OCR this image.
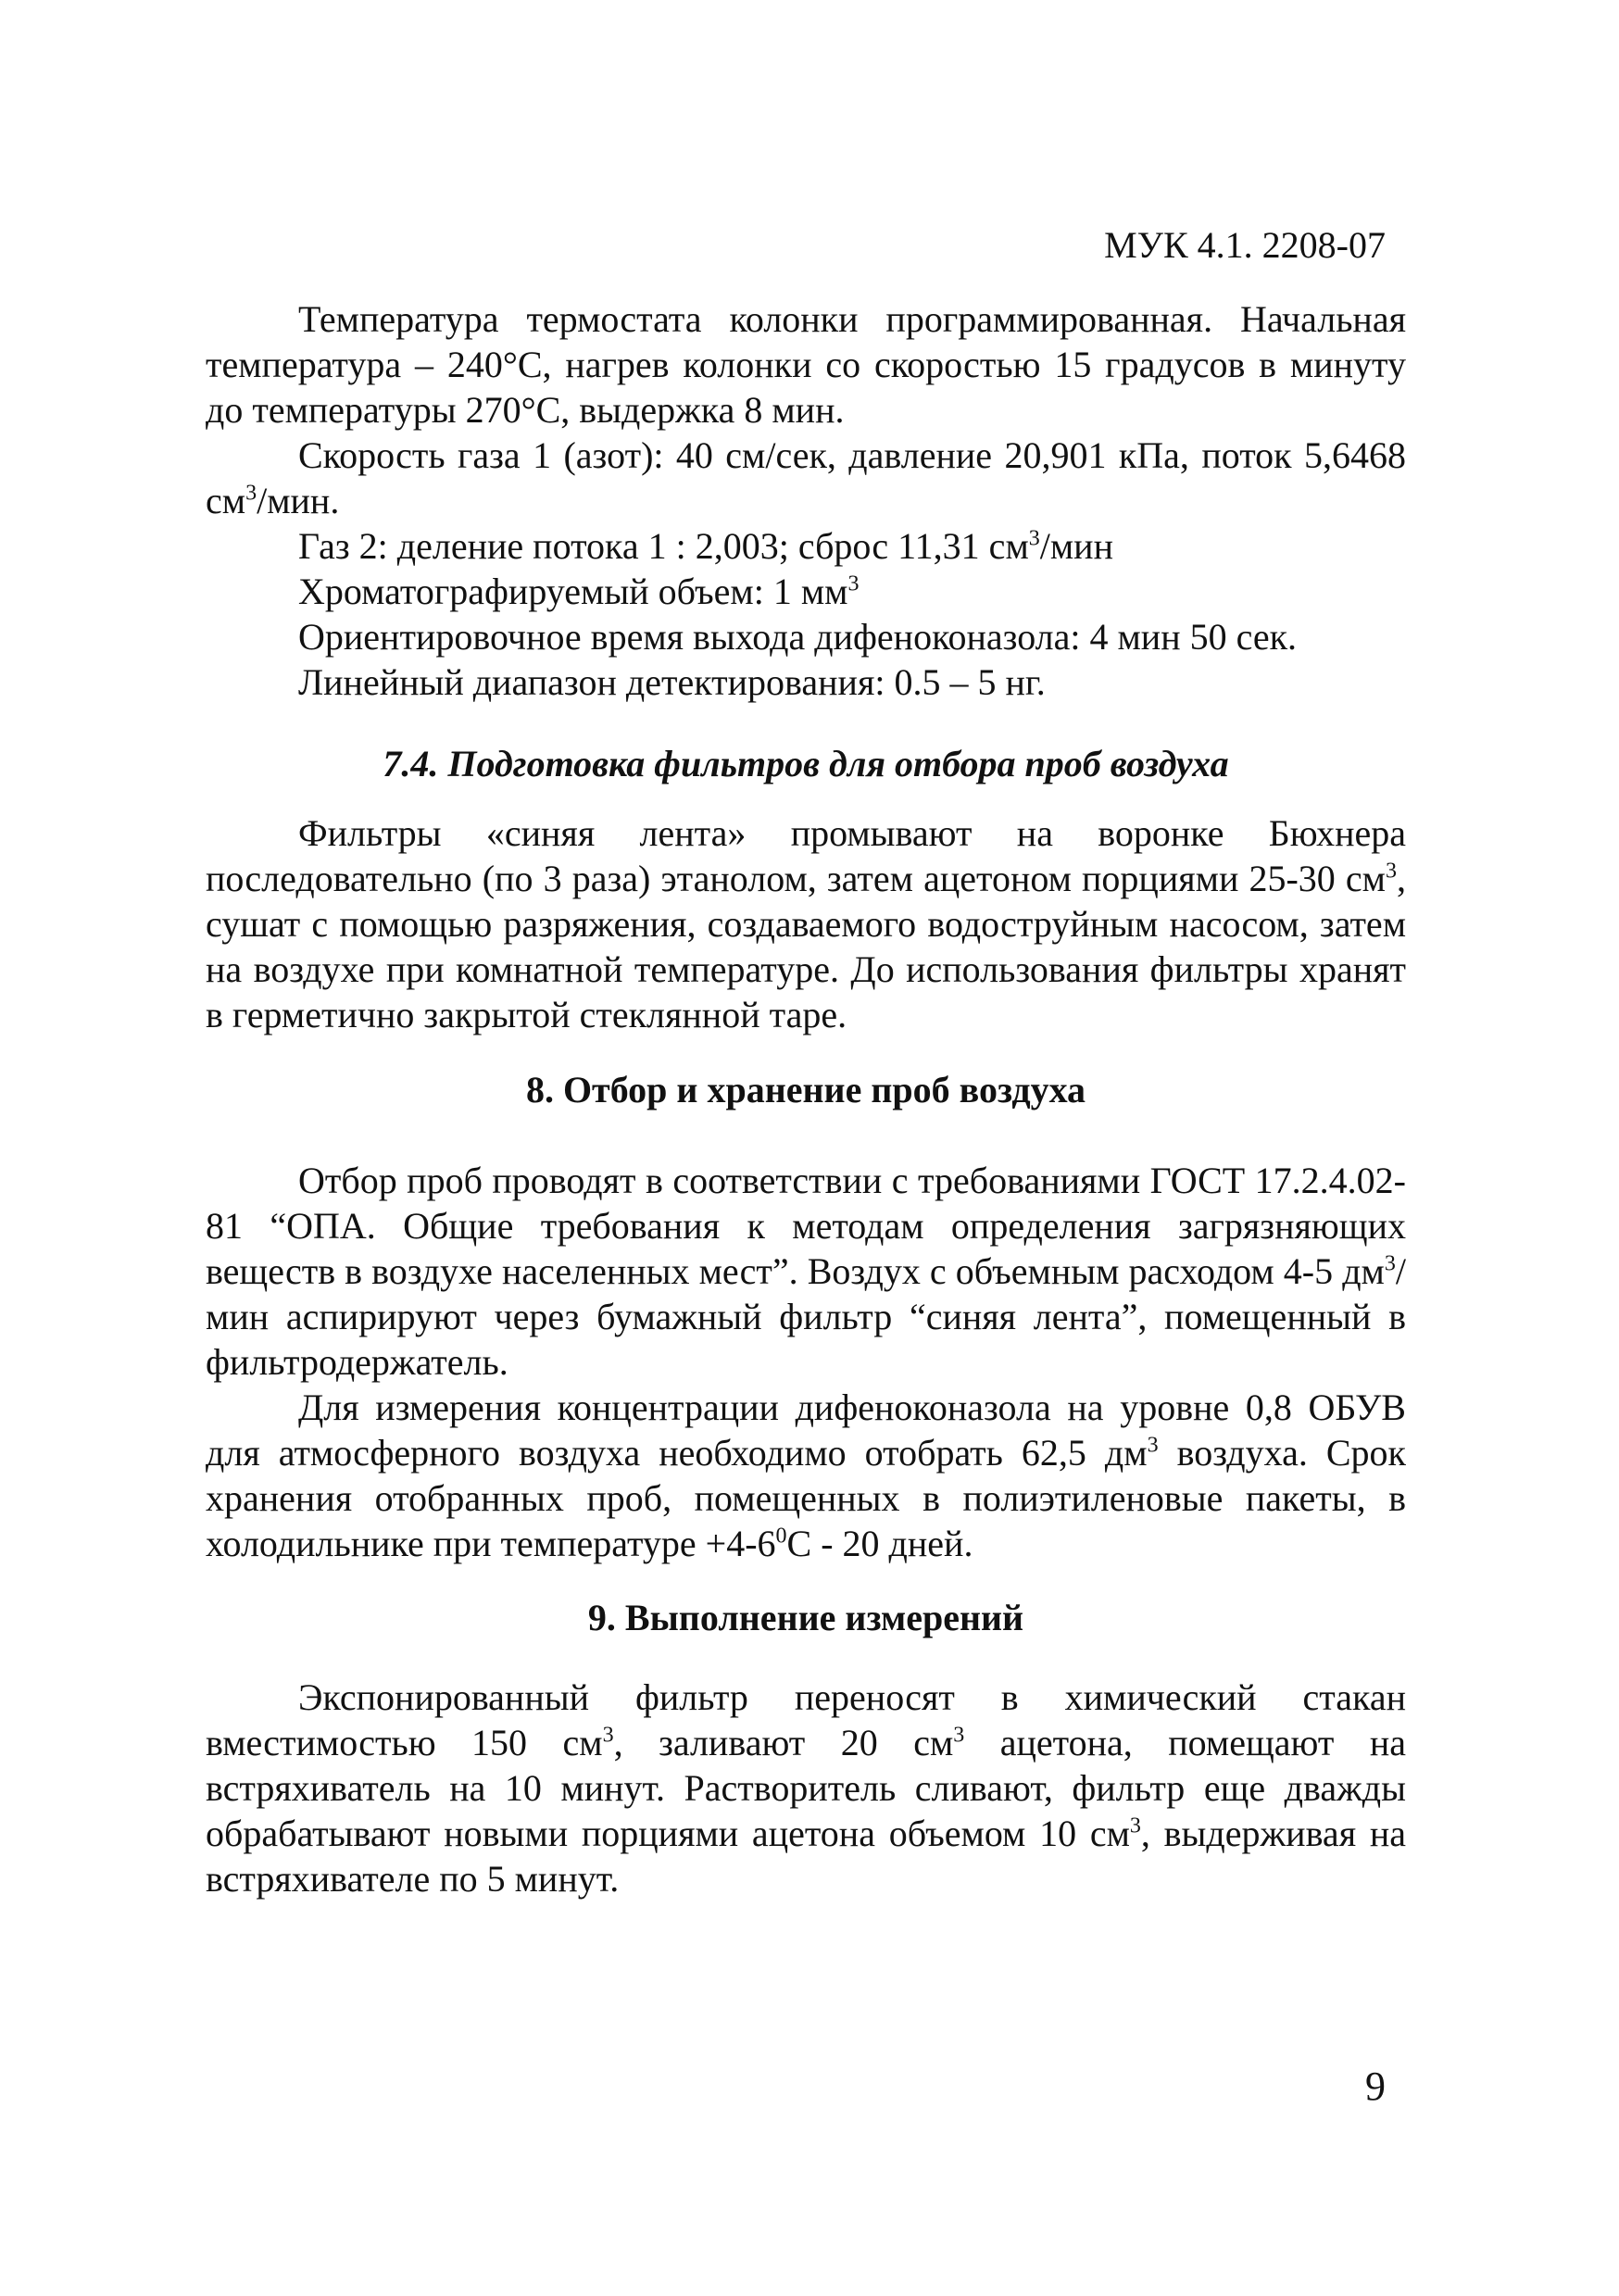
МУК 4.1. 2208-07

Температура термостата колонки программированная. Начальная температура – 240°С, нагрев колонки со скоростью 15 градусов в минуту до температуры 270°С, выдержка 8 мин.

Скорость газа 1 (азот): 40 см/сек, давление 20,901 кПа, поток 5,6468 $см^3$/мин.

Газ 2: деление потока 1 : 2,003; сброс 11,31 $см^3$/мин
Хроматографируемый объем: 1 $мм^3$
Ориентировочное время выхода дифеноконазола: 4 мин 50 сек.
Линейный диапазон детектирования: 0.5 – 5 нг.
7.4. Подготовка фильтров для отбора проб воздуха

Фильтры «синяя лента» промывают на воронке Бюхнера последовательно (по 3 раза) этанолом, затем ацетоном порциями 25-30 $см^3$, сушат с помощью разряжения, создаваемого водоструйным насосом, затем на воздухе при комнатной температуре. До использования фильтры хранят в герметично закрытой стеклянной таре.

8. Отбор и хранение проб воздуха

Отбор проб проводят в соответствии с требованиями ГОСТ 17.2.4.02-81 “ОПА. Общие требования к методам определения загрязняющих веществ в воздухе населенных мест”. Воздух с объемным расходом 4-5 $дм^3$/мин аспирируют через бумажный фильтр “синяя лента”, помещенный в фильтродержатель.

Для измерения концентрации дифеноконазола на уровне 0,8 ОБУВ для атмосферного воздуха необходимо отобрать 62,5 $дм^3$ воздуха. Срок хранения отобранных проб, помещенных в полиэтиленовые пакеты, в холодильнике при температуре $+4-6^0С - 20$ дней.

9. Выполнение измерений

Экспонированный фильтр переносят в химический стакан вместимостью 150 $см^3$, заливают 20 $см^3$ ацетона, помещают на встряхиватель на 10 минут. Растворитель сливают, фильтр еще дважды обрабатывают новыми порциями ацетона объемом 10 $см^3$, выдерживая на встряхивателе по 5 минут.

9
